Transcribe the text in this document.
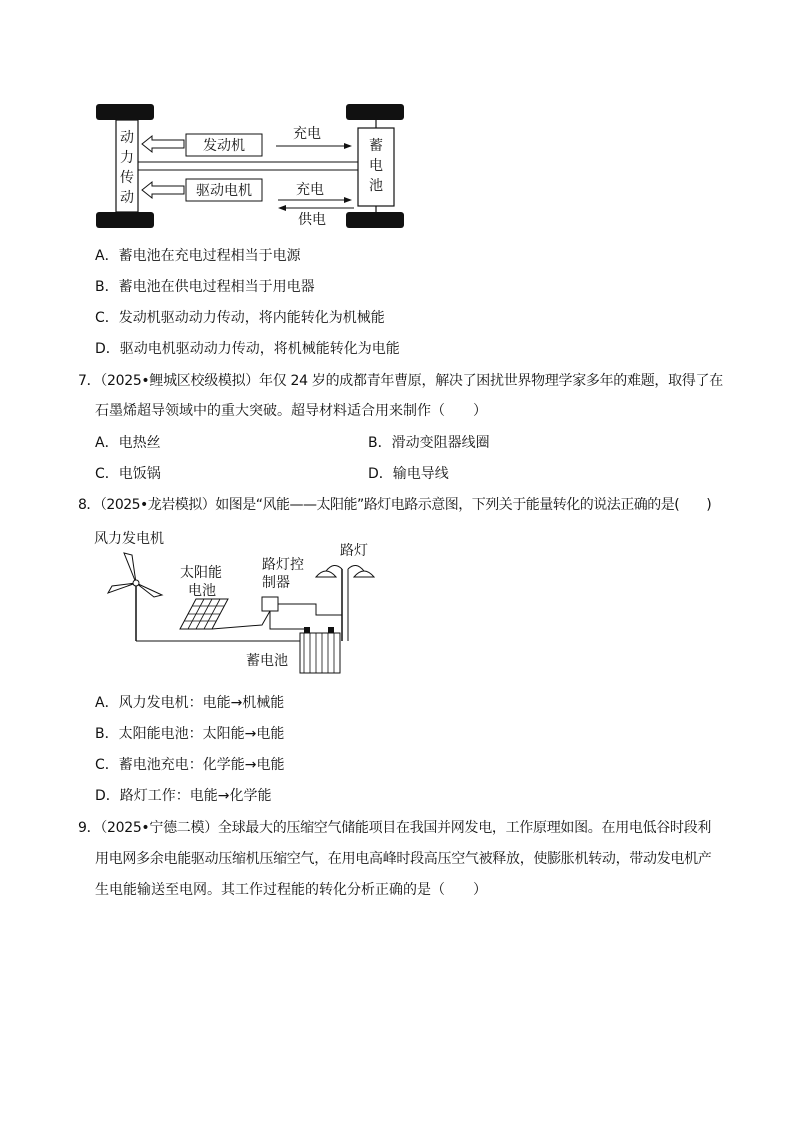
动
力
传
动
蓄
电
池
发动机
驱动电机
充电
充电
供电
A．蓄电池在充电过程相当于电源
B．蓄电池在供电过程相当于用电器
C．发动机驱动动力传动，将内能转化为机械能
D．驱动电机驱动动力传动，将机械能转化为电能
7．（2025•鲤城区校级模拟）年仅 24 岁的成都青年曹原，解决了困扰世界物理学家多年的难题，取得了在
石墨烯超导领域中的重大突破。超导材料适合用来制作（　　）
A．电热丝	B．滑动变阻器线圈
C．电饭锅	D．输电导线
8．（2025•龙岩模拟）如图是“风能——太阳能”路灯电路示意图，下列关于能量转化的说法正确的是(　　)
风力发电机
太阳能
电池
路灯控
制器
路灯
蓄电池
A．风力发电机：电能→机械能
B．太阳能电池：太阳能→电能
C．蓄电池充电：化学能→电能
D．路灯工作：电能→化学能
9．（2025•宁德二模）全球最大的压缩空气储能项目在我国并网发电，工作原理如图。在用电低谷时段利
用电网多余电能驱动压缩机压缩空气，在用电高峰时段高压空气被释放，使膨胀机转动，带动发电机产
生电能输送至电网。其工作过程能的转化分析正确的是（　　）
